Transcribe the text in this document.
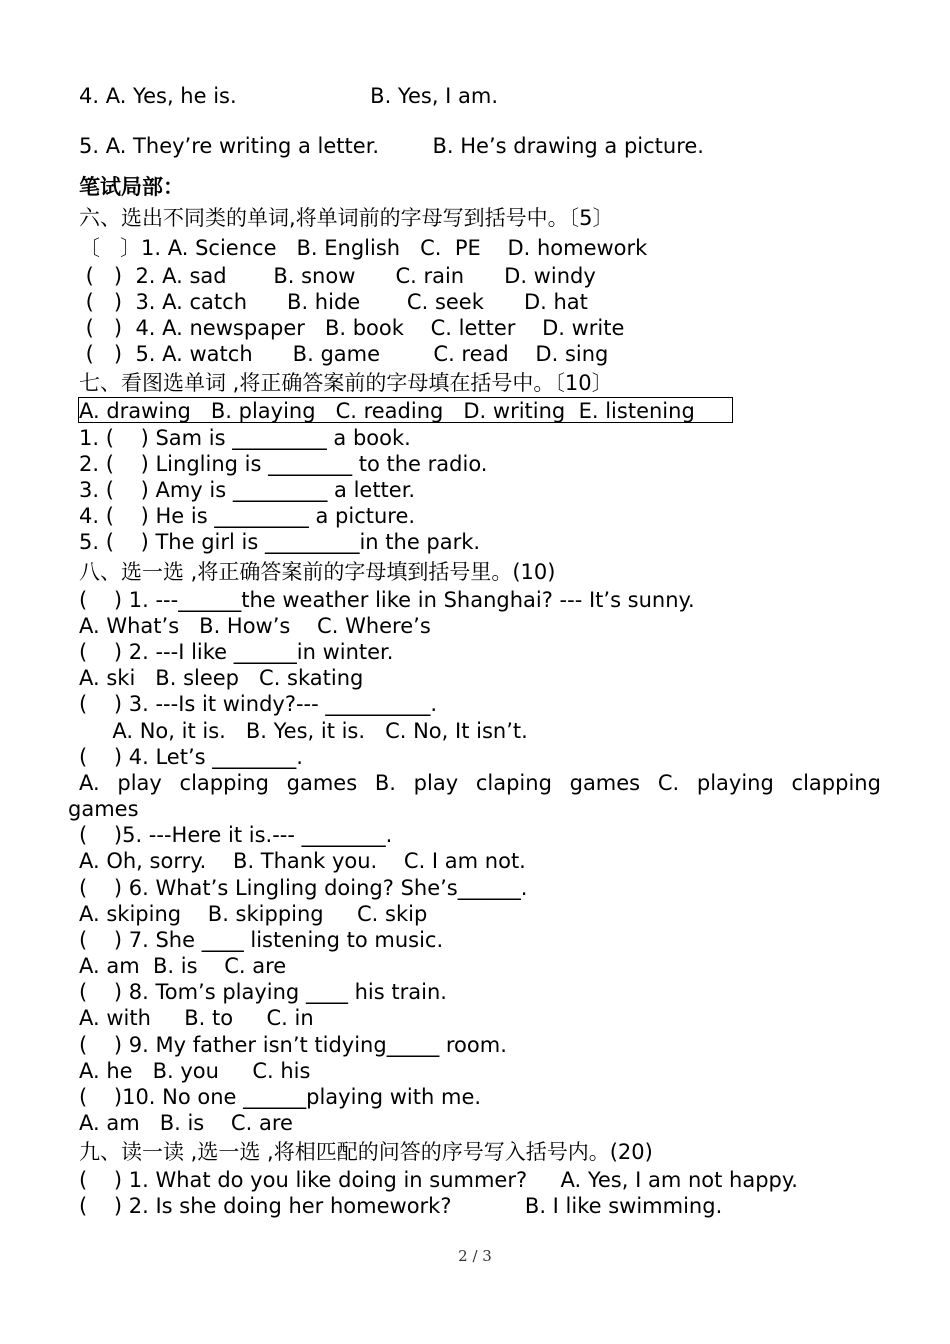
4. A. Yes, he is.                    B. Yes, I am.
5. A. They’re writing a letter.        B. He’s drawing a picture.
笔试局部：
六、选出不同类的单词,将单词前的字母写到括号中。〔5〕
〔   〕1. A. Science   B. English   C.  PE    D. homework
(   )  2. A. sad       B. snow      C. rain      D. windy
(   )  3. A. catch      B. hide       C. seek      D. hat
(   )  4. A. newspaper   B. book    C. letter    D. write
(   )  5. A. watch      B. game        C. read    D. sing
七、看图选单词 ,将正确答案前的字母填在括号中。〔10〕
A. drawing   B. playing   C. reading   D. writing  E. listening
1. (    ) Sam is _________ a book.
2. (    ) Lingling is ________ to the radio.
3. (    ) Amy is _________ a letter.
4. (    ) He is _________ a picture.
5. (    ) The girl is _________in the park.
八、选一选 ,将正确答案前的字母填到括号里。(10)
(    ) 1. ---______the weather like in Shanghai? --- It’s sunny.
A. What’s   B. How’s    C. Where’s
(    ) 2. ---I like ______in winter.
A. ski   B. sleep   C. skating
(    ) 3. ---Is it windy?--- __________.
A. No, it is.   B. Yes, it is.   C. No, It isn’t.
(    ) 4. Let’s ________.
A. play clapping games B. play claping games C. playing clapping
games
(    )5. ---Here it is.--- ________.
A. Oh, sorry.    B. Thank you.    C. I am not.
(    ) 6. What’s Lingling doing? She’s______.
A. skiping    B. skipping     C. skip
(    ) 7. She ____ listening to music.
A. am  B. is    C. are
(    ) 8. Tom’s playing ____ his train.
A. with     B. to     C. in
(    ) 9. My father isn’t tidying_____ room.
A. he   B. you     C. his
(    )10. No one ______playing with me.
A. am   B. is    C. are
九、读一读 ,选一选 ,将相匹配的问答的序号写入括号内。(20)
(    ) 1. What do you like doing in summer?     A. Yes, I am not happy.
(    ) 2. Is she doing her homework?           B. I like swimming.
2 / 3
